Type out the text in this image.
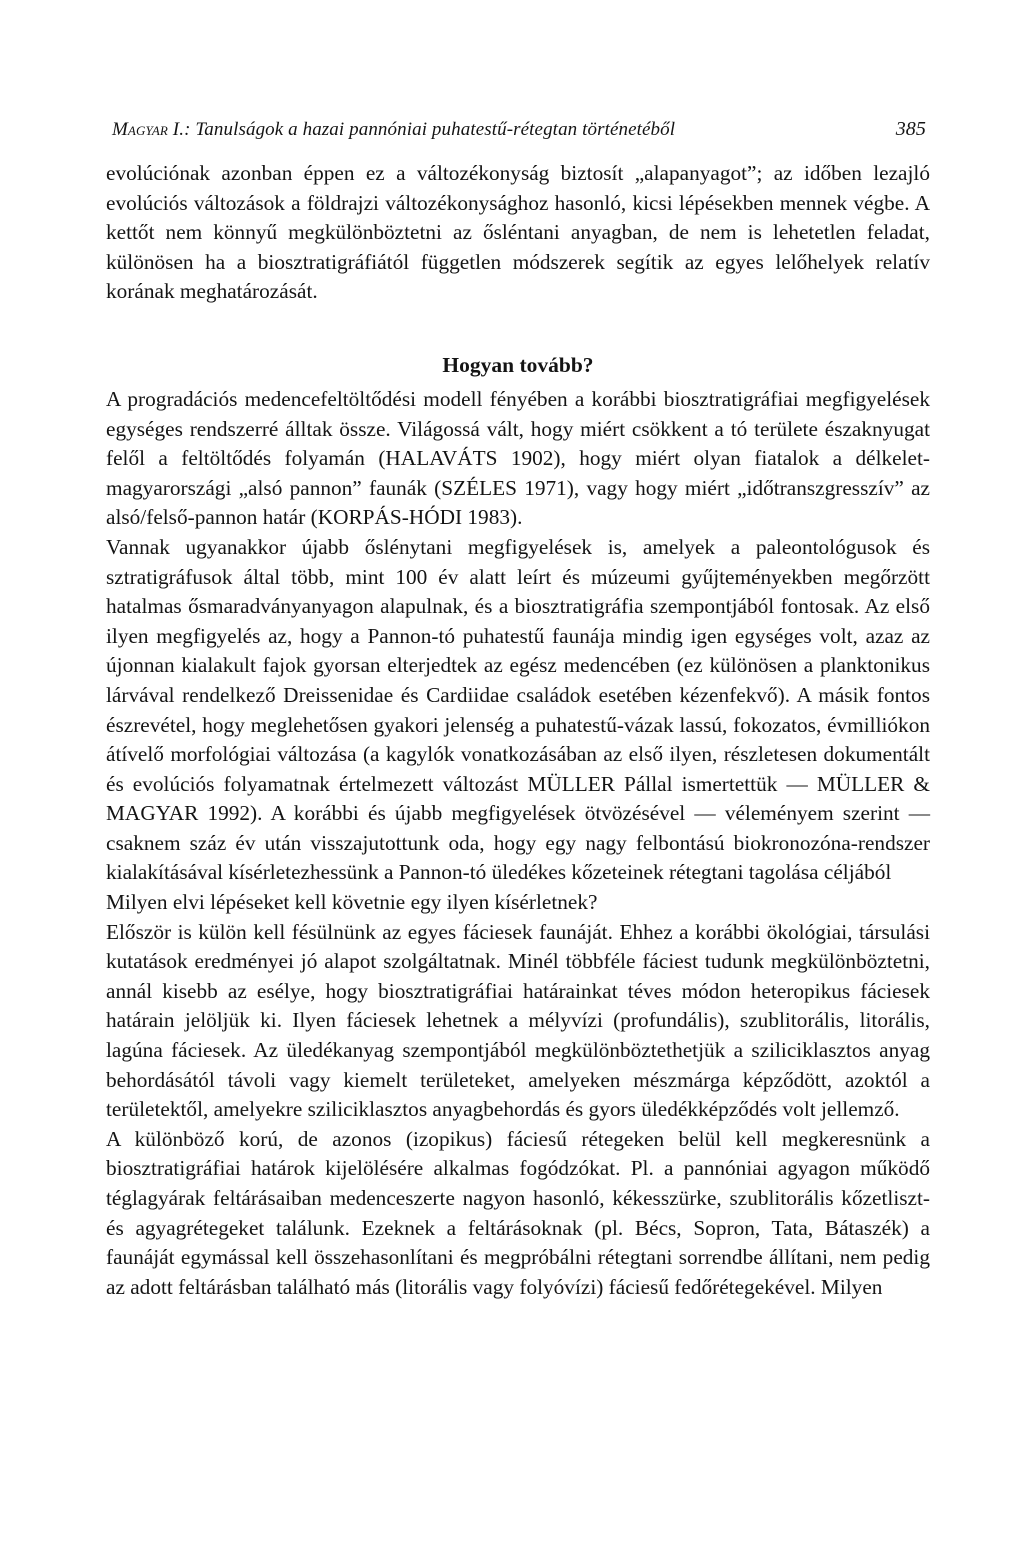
Magyar I.: Tanulságok a hazai pannóniai puhatestű-rétegtan történetéből	385

evolúciónak azonban éppen ez a változékonyság biztosít „alapanyagot”; az időben lezajló evolúciós változások a földrajzi változékonysághoz hasonló, kicsi lépésekben mennek végbe. A kettőt nem könnyű megkülönböztetni az ősléntani anyagban, de nem is lehetetlen feladat, különösen ha a biosztratigráfiától független módszerek segítik az egyes lelőhelyek relatív korának meghatározását.

Hogyan tovább?

A progradációs medencefeltöltődési modell fényében a korábbi biosztratigráfiai megfigyelések egységes rendszerré álltak össze. Világossá vált, hogy miért csökkent a tó területe északnyugat felől a feltöltődés folyamán (HALAVÁTS 1902), hogy miért olyan fiatalok a délkelet-magyarországi „alsó pannon” faunák (SZÉLES 1971), vagy hogy miért „időtranszgresszív” az alsó/felső-pannon határ (KORPÁS-HÓDI 1983).

Vannak ugyanakkor újabb őslénytani megfigyelések is, amelyek a paleontológusok és sztratigráfusok által több, mint 100 év alatt leírt és múzeumi gyűjteményekben megőrzött hatalmas ősmaradványanyagon alapulnak, és a biosztratigráfia szempontjából fontosak. Az első ilyen megfigyelés az, hogy a Pannon-tó puhatestű faunája mindig igen egységes volt, azaz az újonnan kialakult fajok gyorsan elterjedtek az egész medencében (ez különösen a planktonikus lárvával rendelkező Dreissenidae és Cardiidae családok esetében kézenfekvő). A másik fontos észrevétel, hogy meglehetősen gyakori jelenség a puhatestű-vázak lassú, fokozatos, évmilliókon átívelő morfológiai változása (a kagylók vonatkozásában az első ilyen, részletesen dokumentált és evolúciós folyamatnak értelmezett változást MÜLLER Pállal ismertettük — MÜLLER & MAGYAR 1992). A korábbi és újabb megfigyelések ötvözésével — véleményem szerint — csaknem száz év után visszajutottunk oda, hogy egy nagy felbontású biokronozóna-rendszer kialakításával kísérletezhessünk a Pannon-tó üledékes kőzeteinek rétegtani tagolása céljából

Milyen elvi lépéseket kell követnie egy ilyen kísérletnek?

Először is külön kell fésülnünk az egyes fáciesek faunáját. Ehhez a korábbi ökológiai, társulási kutatások eredményei jó alapot szolgáltatnak. Minél többféle fáciest tudunk megkülönböztetni, annál kisebb az esélye, hogy biosztratigráfiai határainkat téves módon heteropikus fáciesek határain jelöljük ki. Ilyen fáciesek lehetnek a mélyvízi (profundális), szublitorális, litorális, lagúna fáciesek. Az üledékanyag szempontjából megkülönböztethetjük a sziliciklasztos anyag behordásától távoli vagy kiemelt területeket, amelyeken mészmárga képződött, azoktól a területektől, amelyekre sziliciklasztos anyagbehordás és gyors üledékképződés volt jellemző.

A különböző korú, de azonos (izopikus) fáciesű rétegeken belül kell megkeresnünk a biosztratigráfiai határok kijelölésére alkalmas fogódzókat. Pl. a pannóniai agyagon működő téglagyárak feltárásaiban medenceszerte nagyon hasonló, kékesszürke, szublitorális kőzetliszt- és agyagrétegeket találunk. Ezeknek a feltárásoknak (pl. Bécs, Sopron, Tata, Bátaszék) a faunáját egymással kell összehasonlítani és megpróbálni rétegtani sorrendbe állítani, nem pedig az adott feltárásban található más (litorális vagy folyóvízi) fáciesű fedőrétegekével. Milyen
